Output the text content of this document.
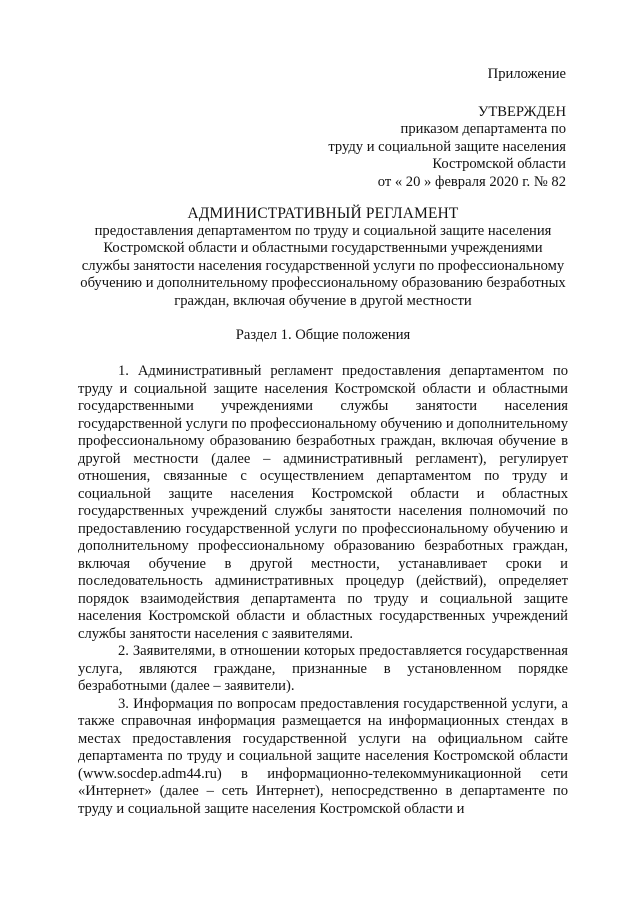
Приложение
УТВЕРЖДЕН
приказом департамента по
труду и социальной защите населения
Костромской области
от « 20 » февраля 2020 г. № 82
АДМИНИСТРАТИВНЫЙ РЕГЛАМЕНТ
предоставления департаментом по труду и социальной защите населения Костромской области и областными государственными учреждениями службы занятости населения государственной услуги по профессиональному обучению и дополнительному профессиональному образованию безработных граждан, включая обучение в другой местности
Раздел 1. Общие положения

1. Административный регламент предоставления департаментом по труду и социальной защите населения Костромской области и областными государственными учреждениями службы занятости населения государственной услуги по профессиональному обучению и дополнительному профессиональному образованию безработных граждан, включая обучение в другой местности (далее – административный регламент), регулирует отношения, связанные с осуществлением департаментом по труду и социальной защите населения Костромской области и областных государственных учреждений службы занятости населения полномочий по предоставлению государственной услуги по профессиональному обучению и дополнительному профессиональному образованию безработных граждан, включая обучение в другой местности, устанавливает сроки и последовательность административных процедур (действий), определяет порядок взаимодействия департамента по труду и социальной защите населения Костромской области и областных государственных учреждений службы занятости населения с заявителями.

2. Заявителями, в отношении которых предоставляется государственная услуга, являются граждане, признанные в установленном порядке безработными (далее – заявители).

3. Информация по вопросам предоставления государственной услуги, а также справочная информация размещается на информационных стендах в местах предоставления государственной услуги на официальном сайте департамента по труду и социальной защите населения Костромской области (www.socdep.adm44.ru) в информационно-телекоммуникационной сети «Интернет» (далее – сеть Интернет), непосредственно в департаменте по труду и социальной защите населения Костромской области и
